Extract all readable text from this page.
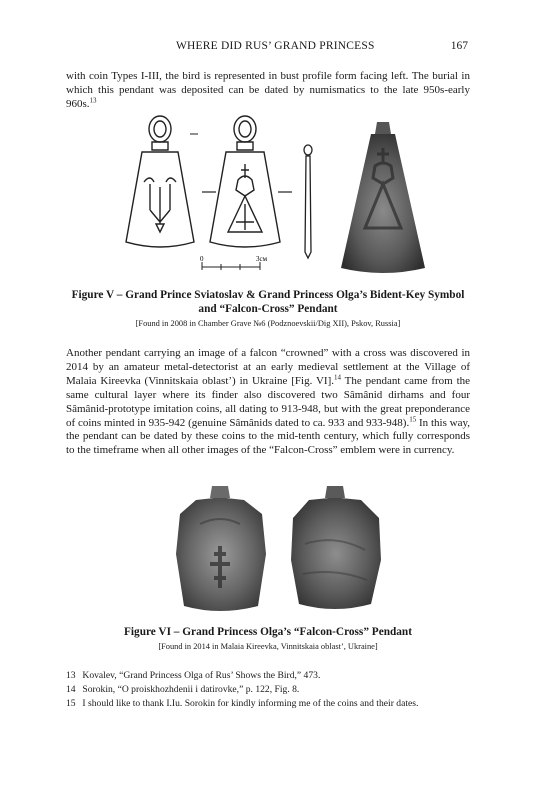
WHERE DID RUS’ GRAND PRINCESS	167

with coin Types I-III, the bird is represented in bust profile form facing left. The burial in which this pendant was deposited can be dated by numismatics to the late 950s-early 960s.$^{13}$

0	3см

Figure V – Grand Prince Sviatoslav & Grand Princess Olga’s Bident-Key Symbol and “Falcon-Cross” Pendant

[Found in 2008 in Chamber Grave №6 (Podznoevskii/Dig XII), Pskov, Russia]

Another pendant carrying an image of a falcon “crowned” with a cross was discovered in 2014 by an amateur metal-detectorist at an early medieval settlement at the Village of Malaia Kireevka (Vinnitskaia oblast’) in Ukraine [Fig. VI].$^{14}$ The pendant came from the same cultural layer where its finder also discovered two Sâmânid dirhams and four Sâmânid-prototype imitation coins, all dating to 913-948, but with the great preponderance of coins minted in 935-942 (genuine Sâmânids dated to ca. 933 and 933-948).$^{15}$ In this way, the pendant can be dated by these coins to the mid-tenth century, which fully corresponds to the timeframe when all other images of the “Falcon-Cross” emblem were in currency.

Figure VI – Grand Princess Olga’s “Falcon-Cross” Pendant

[Found in 2014 in Malaia Kireevka, Vinnitskaia oblast’, Ukraine]

13 Kovalev, “Grand Princess Olga of Rus’ Shows the Bird,” 473.
14 Sorokin, “O proiskhozhdenii i datirovke,” p. 122, Fig. 8.
15 I should like to thank I.Iu. Sorokin for kindly informing me of the coins and their dates.
